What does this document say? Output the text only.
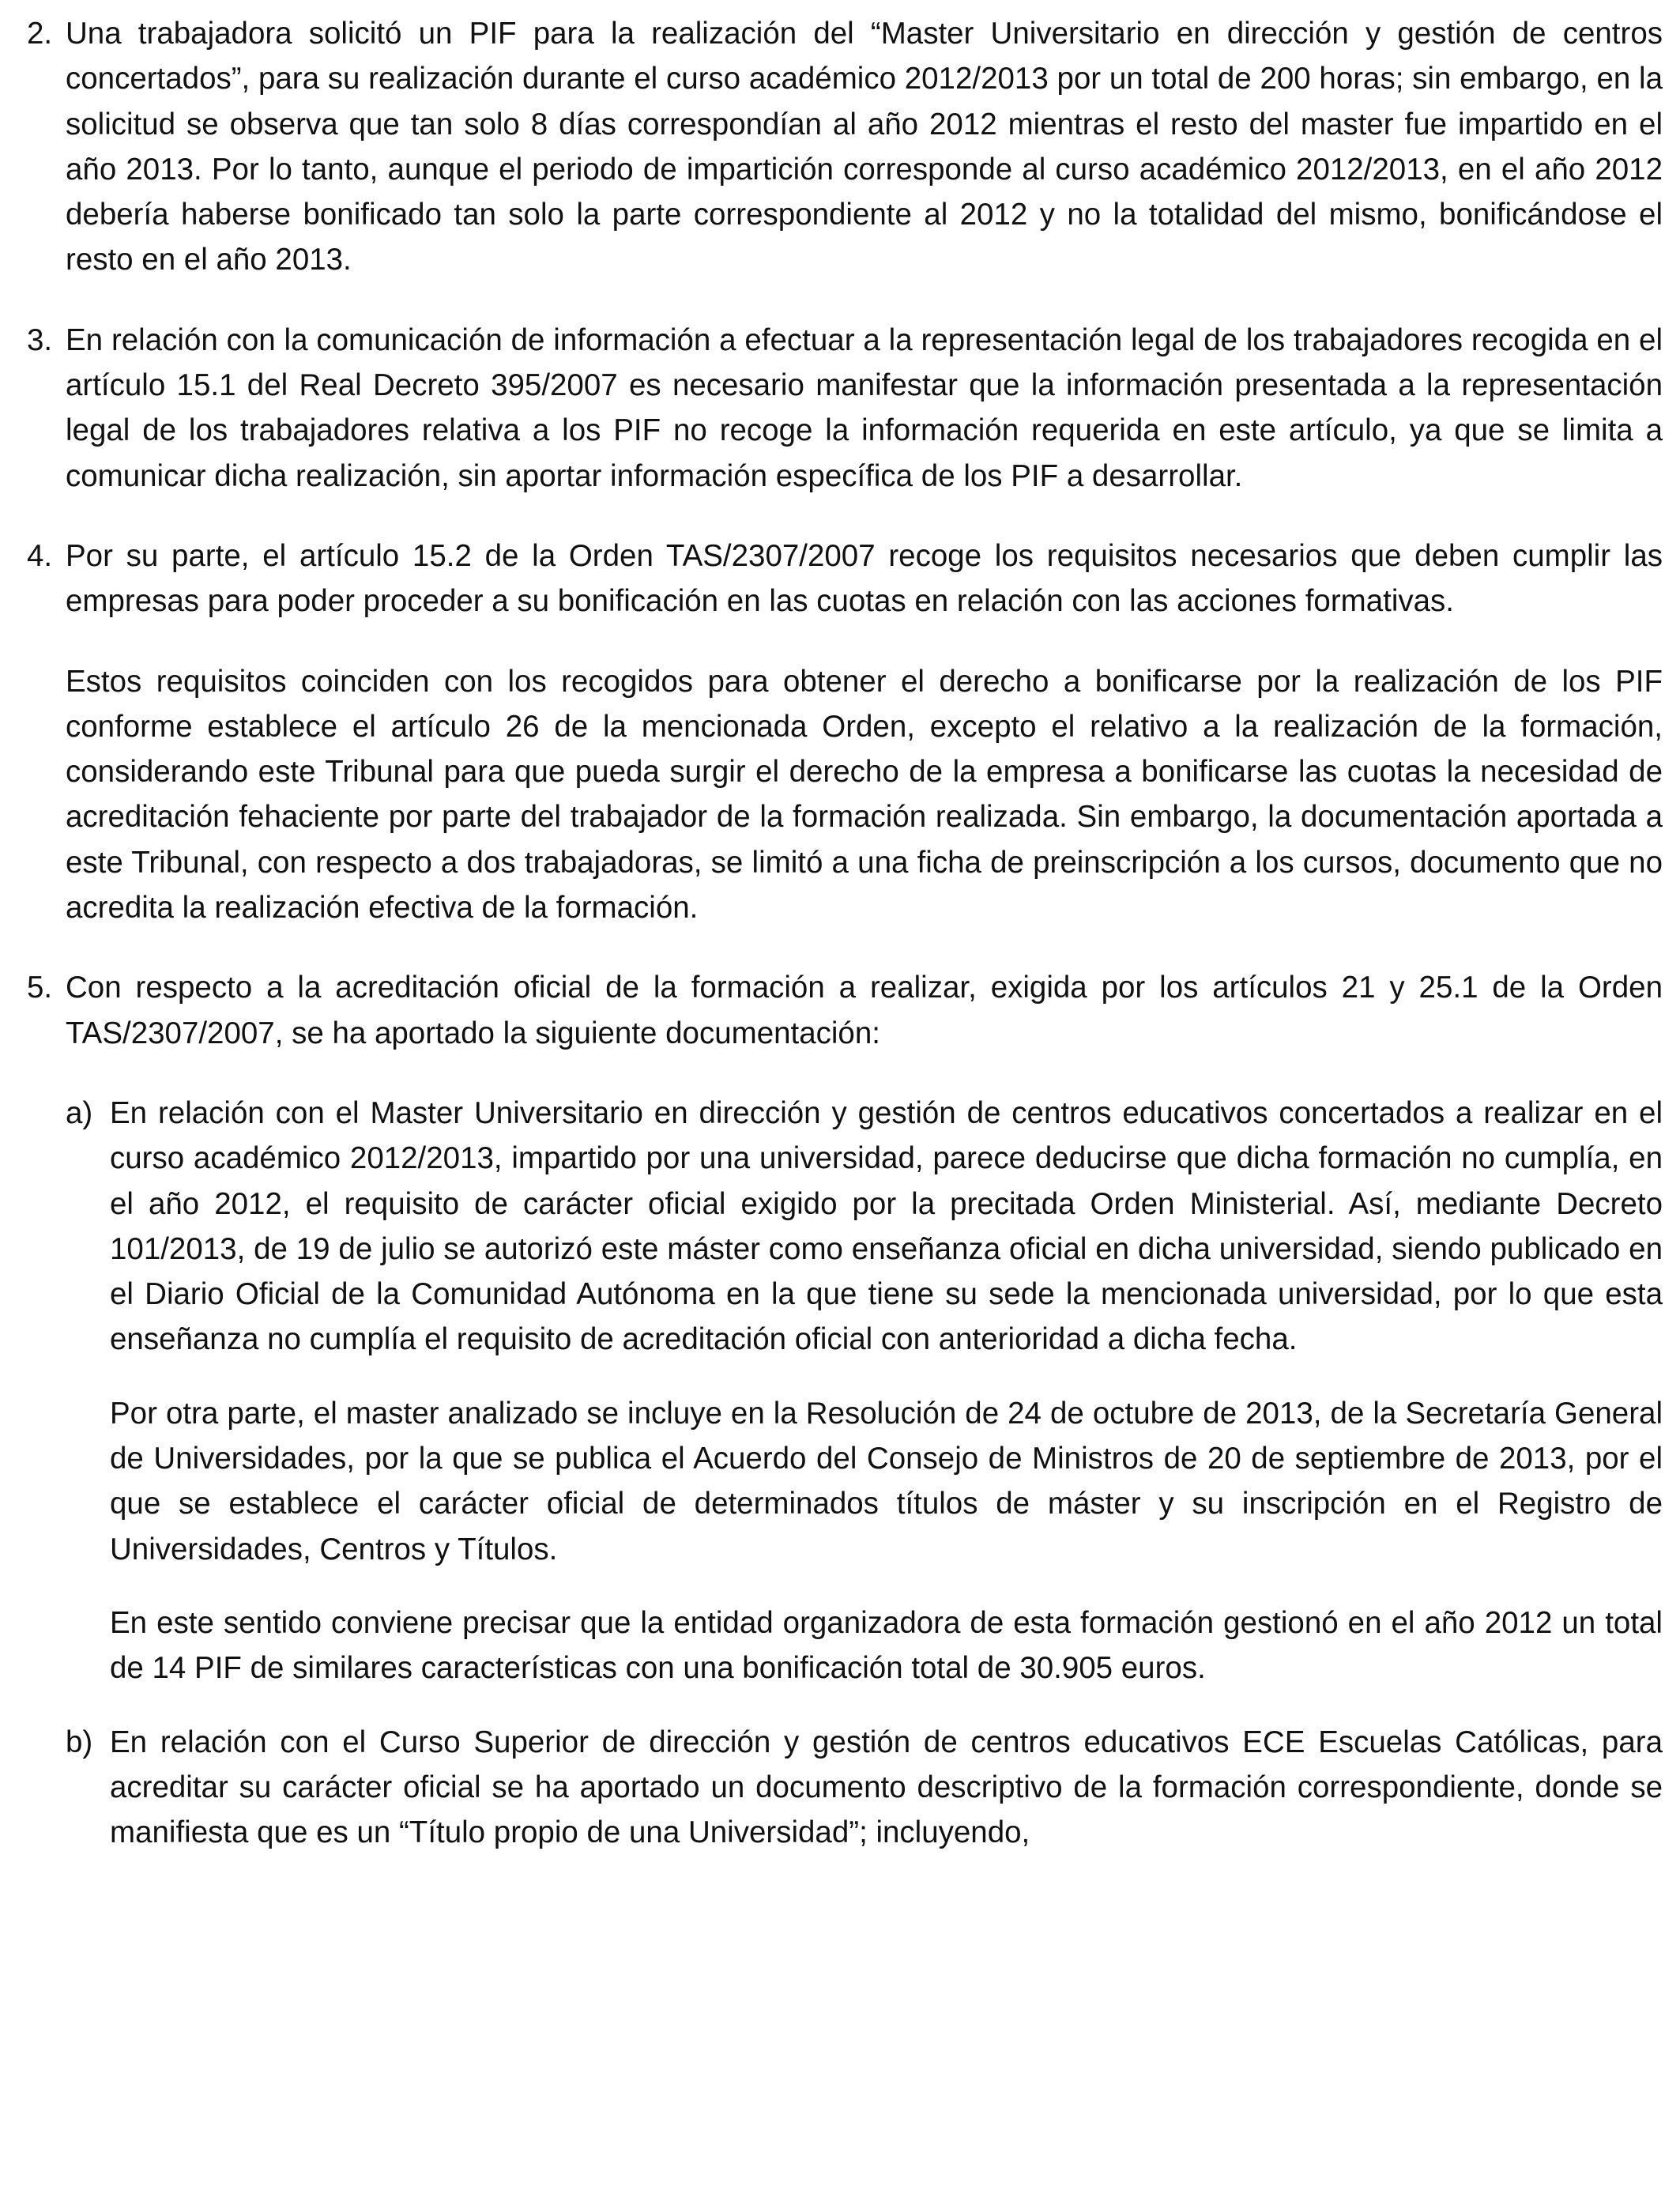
2. Una trabajadora solicitó un PIF para la realización del “Master Universitario en dirección y gestión de centros concertados”, para su realización durante el curso académico 2012/2013 por un total de 200 horas; sin embargo, en la solicitud se observa que tan solo 8 días correspondían al año 2012 mientras el resto del master fue impartido en el año 2013. Por lo tanto, aunque el periodo de impartición corresponde al curso académico 2012/2013, en el año 2012 debería haberse bonificado tan solo la parte correspondiente al 2012 y no la totalidad del mismo, bonificándose el resto en el año 2013.

3. En relación con la comunicación de información a efectuar a la representación legal de los trabajadores recogida en el artículo 15.1 del Real Decreto 395/2007 es necesario manifestar que la información presentada a la representación legal de los trabajadores relativa a los PIF no recoge la información requerida en este artículo, ya que se limita a comunicar dicha realización, sin aportar información específica de los PIF a desarrollar.

4. Por su parte, el artículo 15.2 de la Orden TAS/2307/2007 recoge los requisitos necesarios que deben cumplir las empresas para poder proceder a su bonificación en las cuotas en relación con las acciones formativas.

Estos requisitos coinciden con los recogidos para obtener el derecho a bonificarse por la realización de los PIF conforme establece el artículo 26 de la mencionada Orden, excepto el relativo a la realización de la formación, considerando este Tribunal para que pueda surgir el derecho de la empresa a bonificarse las cuotas la necesidad de acreditación fehaciente por parte del trabajador de la formación realizada. Sin embargo, la documentación aportada a este Tribunal, con respecto a dos trabajadoras, se limitó a una ficha de preinscripción a los cursos, documento que no acredita la realización efectiva de la formación.

5. Con respecto a la acreditación oficial de la formación a realizar, exigida por los artículos 21 y 25.1 de la Orden TAS/2307/2007, se ha aportado la siguiente documentación:

a) En relación con el Master Universitario en dirección y gestión de centros educativos concertados a realizar en el curso académico 2012/2013, impartido por una universidad, parece deducirse que dicha formación no cumplía, en el año 2012, el requisito de carácter oficial exigido por la precitada Orden Ministerial. Así, mediante Decreto 101/2013, de 19 de julio se autorizó este máster como enseñanza oficial en dicha universidad, siendo publicado en el Diario Oficial de la Comunidad Autónoma en la que tiene su sede la mencionada universidad, por lo que esta enseñanza no cumplía el requisito de acreditación oficial con anterioridad a dicha fecha.

Por otra parte, el master analizado se incluye en la Resolución de 24 de octubre de 2013, de la Secretaría General de Universidades, por la que se publica el Acuerdo del Consejo de Ministros de 20 de septiembre de 2013, por el que se establece el carácter oficial de determinados títulos de máster y su inscripción en el Registro de Universidades, Centros y Títulos.

En este sentido conviene precisar que la entidad organizadora de esta formación gestionó en el año 2012 un total de 14 PIF de similares características con una bonificación total de 30.905 euros.

b) En relación con el Curso Superior de dirección y gestión de centros educativos ECE Escuelas Católicas, para acreditar su carácter oficial se ha aportado un documento descriptivo de la formación correspondiente, donde se manifiesta que es un “Título propio de una Universidad”; incluyendo,
